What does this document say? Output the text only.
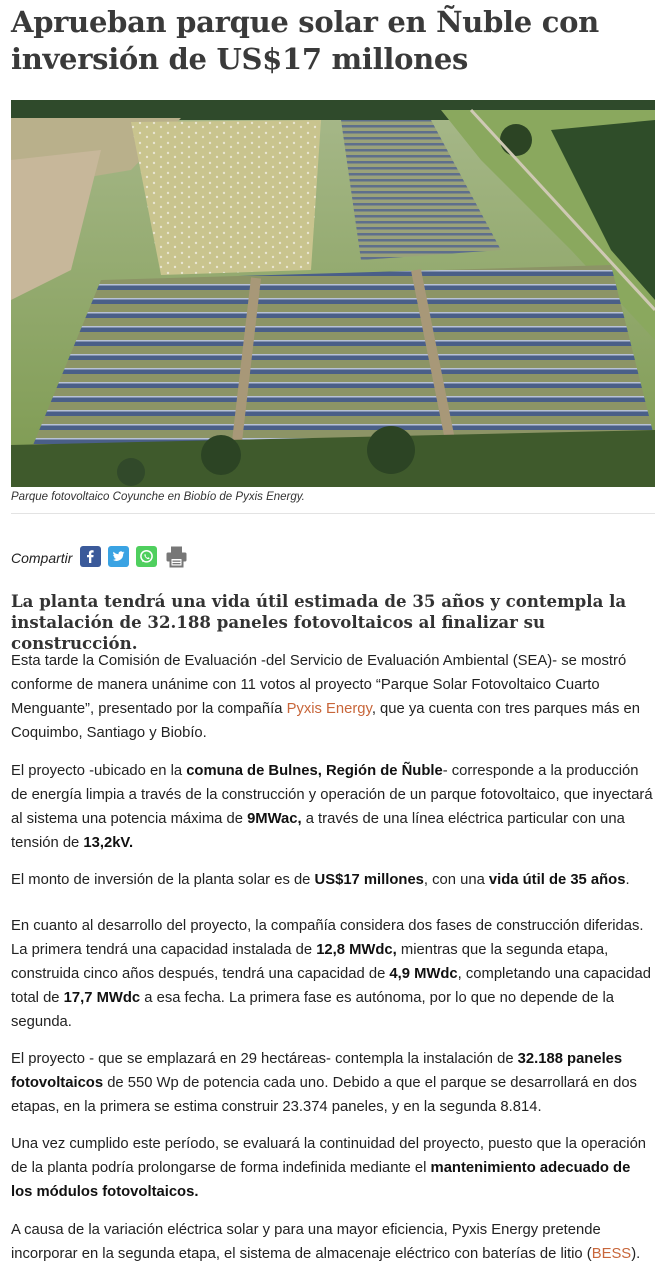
Aprueban parque solar en Ñuble con inversión de US$17 millones
Parque fotovoltaico Coyunche en Biobío de Pyxis Energy.
Compartir

La planta tendrá una vida útil estimada de 35 años y contempla la instalación de 32.188 paneles fotovoltaicos al finalizar su construcción.

Esta tarde la Comisión de Evaluación -del Servicio de Evaluación Ambiental (SEA)- se mostró conforme de manera unánime con 11 votos al proyecto “Parque Solar Fotovoltaico Cuarto Menguante”, presentado por la compañía Pyxis Energy, que ya cuenta con tres parques más en Coquimbo, Santiago y Biobío.

El proyecto -ubicado en la comuna de Bulnes, Región de Ñuble- corresponde a la producción de energía limpia a través de la construcción y operación de un parque fotovoltaico, que inyectará al sistema una potencia máxima de 9MWac, a través de una línea eléctrica particular con una tensión de 13,2kV.

El monto de inversión de la planta solar es de US$17 millones, con una vida útil de 35 años.

En cuanto al desarrollo del proyecto, la compañía considera dos fases de construcción diferidas. La primera tendrá una capacidad instalada de 12,8 MWdc, mientras que la segunda etapa, construida cinco años después, tendrá una capacidad de 4,9 MWdc, completando una capacidad total de 17,7 MWdc a esa fecha. La primera fase es autónoma, por lo que no depende de la segunda.

El proyecto - que se emplazará en 29 hectáreas- contempla la instalación de 32.188 paneles fotovoltaicos de 550 Wp de potencia cada uno. Debido a que el parque se desarrollará en dos etapas, en la primera se estima construir 23.374 paneles, y en la segunda 8.814.

Una vez cumplido este período, se evaluará la continuidad del proyecto, puesto que la operación de la planta podría prolongarse de forma indefinida mediante el mantenimiento adecuado de los módulos fotovoltaicos.

A causa de la variación eléctrica solar y para una mayor eficiencia, Pyxis Energy pretende incorporar en la segunda etapa, el sistema de almacenaje eléctrico con baterías de litio (BESS).
